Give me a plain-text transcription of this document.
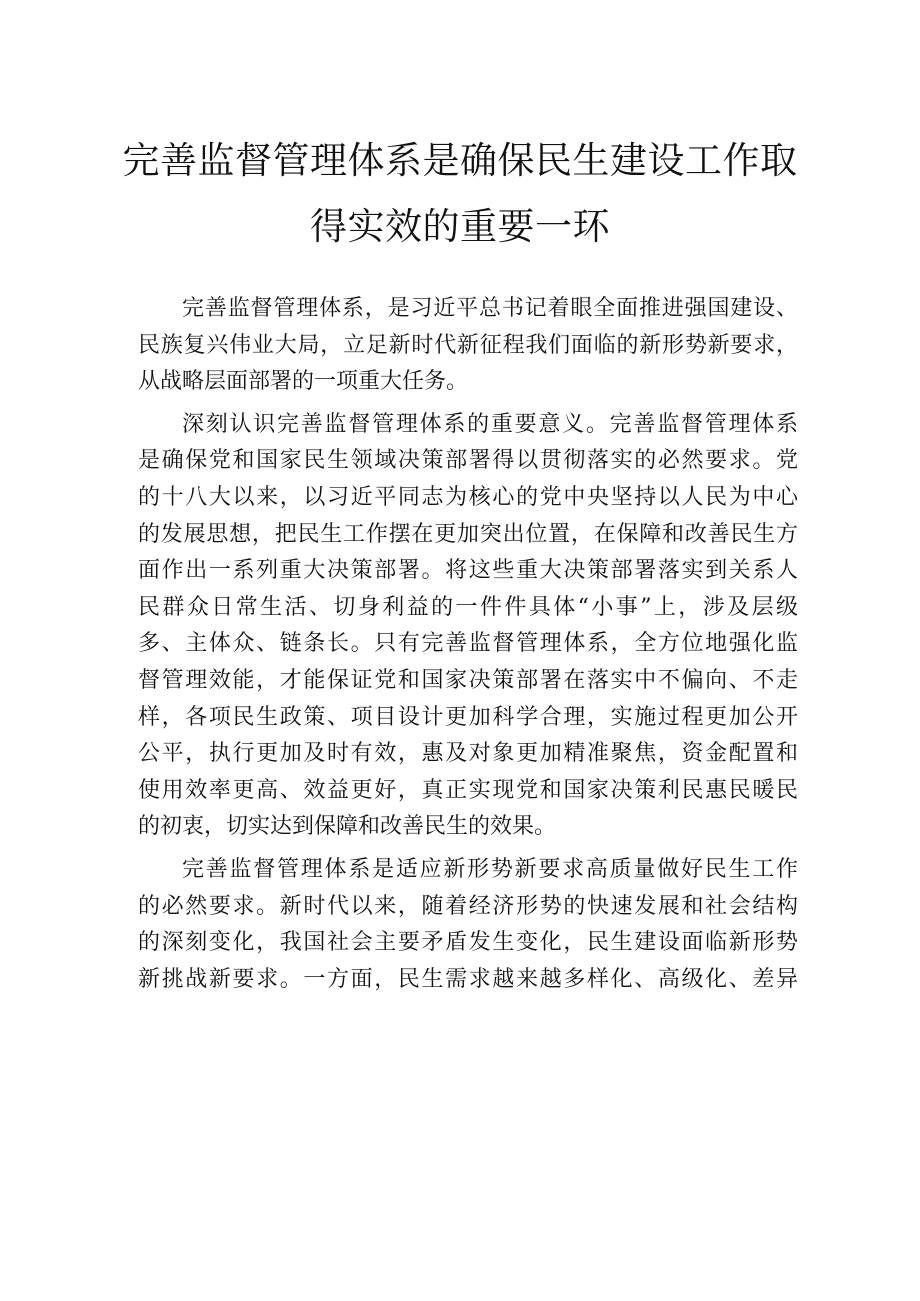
完善监督管理体系是确保民生建设工作取
得实效的重要一环

完善监督管理体系，是习近平总书记着眼全面推进强国建设、
民族复兴伟业大局，立足新时代新征程我们面临的新形势新要求，
从战略层面部署的一项重大任务。

深刻认识完善监督管理体系的重要意义。完善监督管理体系
是确保党和国家民生领域决策部署得以贯彻落实的必然要求。党
的十八大以来，以习近平同志为核心的党中央坚持以人民为中心
的发展思想，把民生工作摆在更加突出位置，在保障和改善民生方
面作出一系列重大决策部署。将这些重大决策部署落实到关系人
民群众日常生活、切身利益的一件件具体“小事”上，涉及层级
多、主体众、链条长。只有完善监督管理体系，全方位地强化监
督管理效能，才能保证党和国家决策部署在落实中不偏向、不走
样，各项民生政策、项目设计更加科学合理，实施过程更加公开
公平，执行更加及时有效，惠及对象更加精准聚焦，资金配置和
使用效率更高、效益更好，真正实现党和国家决策利民惠民暖民
的初衷，切实达到保障和改善民生的效果。

完善监督管理体系是适应新形势新要求高质量做好民生工作
的必然要求。新时代以来，随着经济形势的快速发展和社会结构
的深刻变化，我国社会主要矛盾发生变化，民生建设面临新形势
新挑战新要求。一方面，民生需求越来越多样化、高级化、差异
